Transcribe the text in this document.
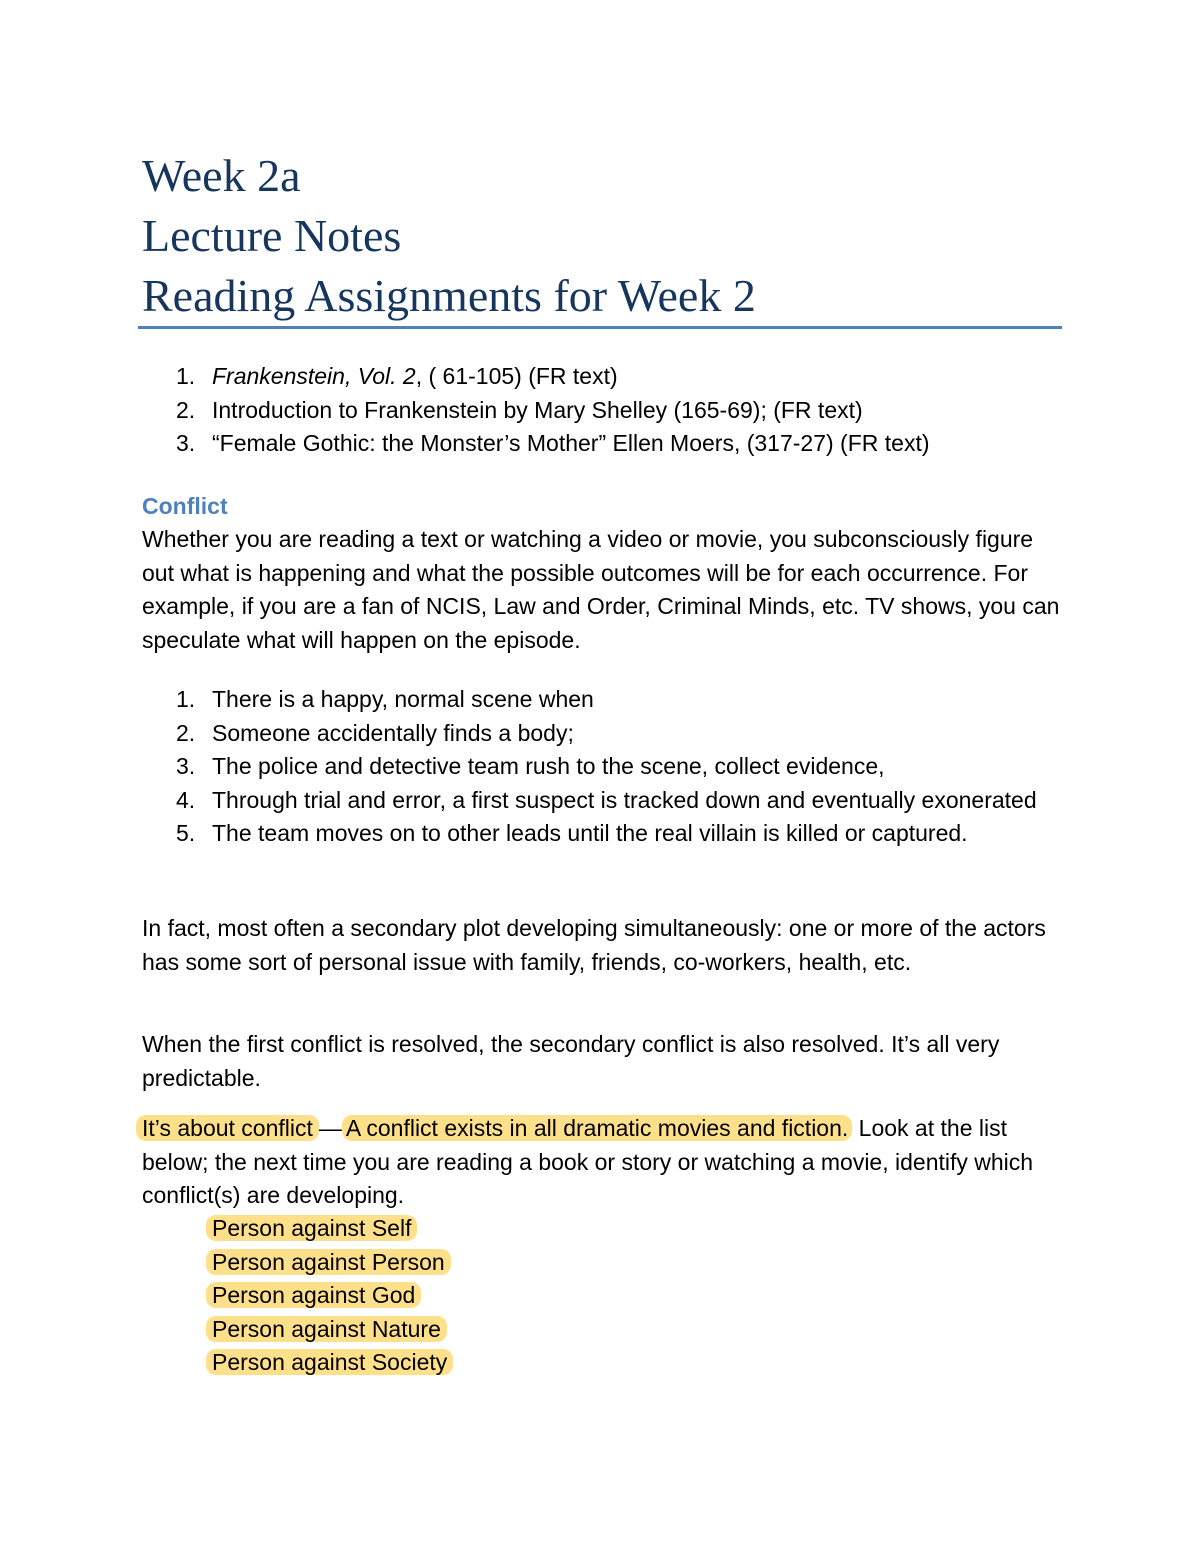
Week 2a

Lecture Notes

Reading Assignments for Week 2

1. Frankenstein, Vol. 2, ( 61-105) (FR text)
2. Introduction to Frankenstein by Mary Shelley (165-69); (FR text)
3. “Female Gothic: the Monster’s Mother” Ellen Moers, (317-27) (FR text)
Conflict

Whether you are reading a text or watching a video or movie, you subconsciously figure out what is happening and what the possible outcomes will be for each occurrence. For example, if you are a fan of NCIS, Law and Order, Criminal Minds, etc. TV shows, you can speculate what will happen on the episode.

1. There is a happy, normal scene when
2. Someone accidentally finds a body;
3. The police and detective team rush to the scene, collect evidence,
4. Through trial and error, a first suspect is tracked down and eventually exonerated
5. The team moves on to other leads until the real villain is killed or captured.

In fact, most often a secondary plot developing simultaneously: one or more of the actors has some sort of personal issue with family, friends, co-workers, health, etc.

When the first conflict is resolved, the secondary conflict is also resolved. It’s all very predictable.

It’s about conflict — A conflict exists in all dramatic movies and fiction. Look at the list below; the next time you are reading a book or story or watching a movie, identify which conflict(s) are developing.

Person against Self
Person against Person
Person against God
Person against Nature
Person against Society
